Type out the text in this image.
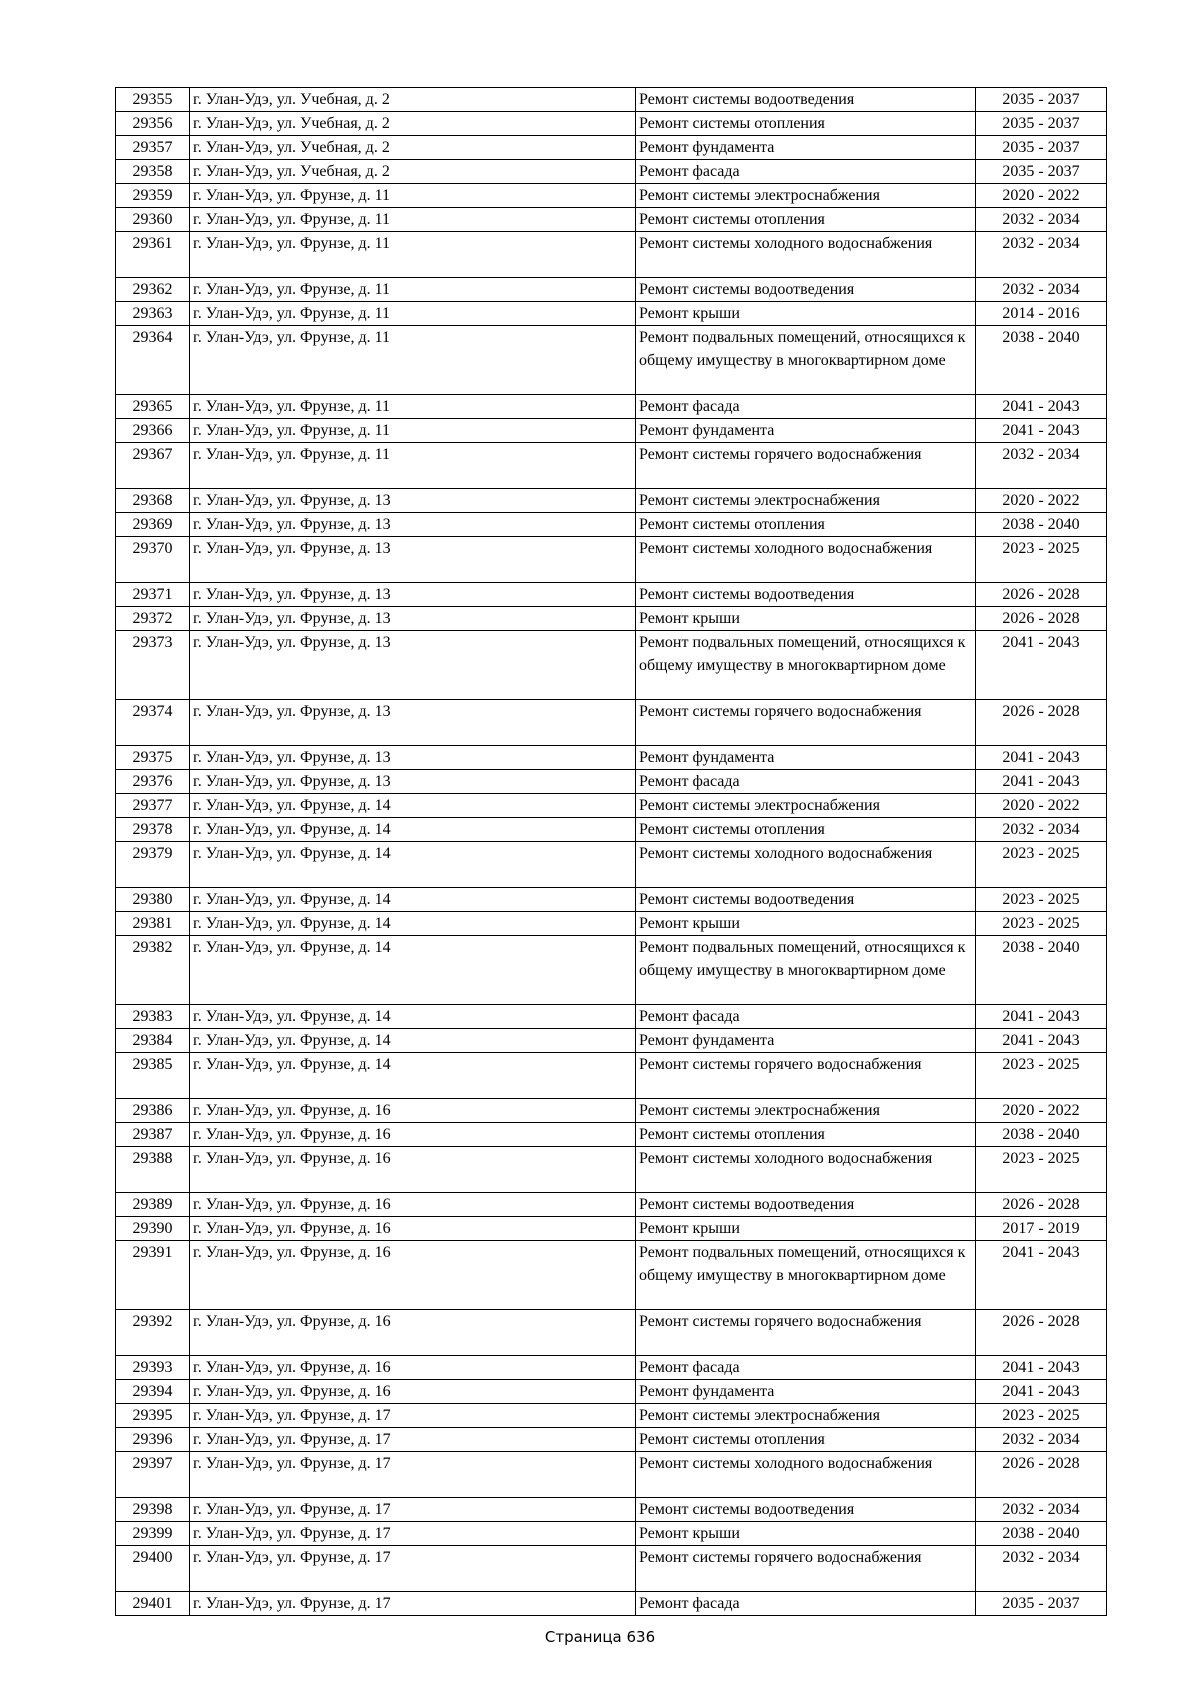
29355	г. Улан-Удэ, ул. Учебная, д. 2	Ремонт системы водоотведения	2035 - 2037
29356	г. Улан-Удэ, ул. Учебная, д. 2	Ремонт системы отопления	2035 - 2037
29357	г. Улан-Удэ, ул. Учебная, д. 2	Ремонт фундамента	2035 - 2037
29358	г. Улан-Удэ, ул. Учебная, д. 2	Ремонт фасада	2035 - 2037
29359	г. Улан-Удэ, ул. Фрунзе, д. 11	Ремонт системы электроснабжения	2020 - 2022
29360	г. Улан-Удэ, ул. Фрунзе, д. 11	Ремонт системы отопления	2032 - 2034
29361	г. Улан-Удэ, ул. Фрунзе, д. 11	Ремонт системы холодного водоснабжения	2032 - 2034
29362	г. Улан-Удэ, ул. Фрунзе, д. 11	Ремонт системы водоотведения	2032 - 2034
29363	г. Улан-Удэ, ул. Фрунзе, д. 11	Ремонт крыши	2014 - 2016
29364	г. Улан-Удэ, ул. Фрунзе, д. 11	Ремонт подвальных помещений, относящихся к общему имуществу в многоквартирном доме	2038 - 2040
29365	г. Улан-Удэ, ул. Фрунзе, д. 11	Ремонт фасада	2041 - 2043
29366	г. Улан-Удэ, ул. Фрунзе, д. 11	Ремонт фундамента	2041 - 2043
29367	г. Улан-Удэ, ул. Фрунзе, д. 11	Ремонт системы горячего водоснабжения	2032 - 2034
29368	г. Улан-Удэ, ул. Фрунзе, д. 13	Ремонт системы электроснабжения	2020 - 2022
29369	г. Улан-Удэ, ул. Фрунзе, д. 13	Ремонт системы отопления	2038 - 2040
29370	г. Улан-Удэ, ул. Фрунзе, д. 13	Ремонт системы холодного водоснабжения	2023 - 2025
29371	г. Улан-Удэ, ул. Фрунзе, д. 13	Ремонт системы водоотведения	2026 - 2028
29372	г. Улан-Удэ, ул. Фрунзе, д. 13	Ремонт крыши	2026 - 2028
29373	г. Улан-Удэ, ул. Фрунзе, д. 13	Ремонт подвальных помещений, относящихся к общему имуществу в многоквартирном доме	2041 - 2043
29374	г. Улан-Удэ, ул. Фрунзе, д. 13	Ремонт системы горячего водоснабжения	2026 - 2028
29375	г. Улан-Удэ, ул. Фрунзе, д. 13	Ремонт фундамента	2041 - 2043
29376	г. Улан-Удэ, ул. Фрунзе, д. 13	Ремонт фасада	2041 - 2043
29377	г. Улан-Удэ, ул. Фрунзе, д. 14	Ремонт системы электроснабжения	2020 - 2022
29378	г. Улан-Удэ, ул. Фрунзе, д. 14	Ремонт системы отопления	2032 - 2034
29379	г. Улан-Удэ, ул. Фрунзе, д. 14	Ремонт системы холодного водоснабжения	2023 - 2025
29380	г. Улан-Удэ, ул. Фрунзе, д. 14	Ремонт системы водоотведения	2023 - 2025
29381	г. Улан-Удэ, ул. Фрунзе, д. 14	Ремонт крыши	2023 - 2025
29382	г. Улан-Удэ, ул. Фрунзе, д. 14	Ремонт подвальных помещений, относящихся к общему имуществу в многоквартирном доме	2038 - 2040
29383	г. Улан-Удэ, ул. Фрунзе, д. 14	Ремонт фасада	2041 - 2043
29384	г. Улан-Удэ, ул. Фрунзе, д. 14	Ремонт фундамента	2041 - 2043
29385	г. Улан-Удэ, ул. Фрунзе, д. 14	Ремонт системы горячего водоснабжения	2023 - 2025
29386	г. Улан-Удэ, ул. Фрунзе, д. 16	Ремонт системы электроснабжения	2020 - 2022
29387	г. Улан-Удэ, ул. Фрунзе, д. 16	Ремонт системы отопления	2038 - 2040
29388	г. Улан-Удэ, ул. Фрунзе, д. 16	Ремонт системы холодного водоснабжения	2023 - 2025
29389	г. Улан-Удэ, ул. Фрунзе, д. 16	Ремонт системы водоотведения	2026 - 2028
29390	г. Улан-Удэ, ул. Фрунзе, д. 16	Ремонт крыши	2017 - 2019
29391	г. Улан-Удэ, ул. Фрунзе, д. 16	Ремонт подвальных помещений, относящихся к общему имуществу в многоквартирном доме	2041 - 2043
29392	г. Улан-Удэ, ул. Фрунзе, д. 16	Ремонт системы горячего водоснабжения	2026 - 2028
29393	г. Улан-Удэ, ул. Фрунзе, д. 16	Ремонт фасада	2041 - 2043
29394	г. Улан-Удэ, ул. Фрунзе, д. 16	Ремонт фундамента	2041 - 2043
29395	г. Улан-Удэ, ул. Фрунзе, д. 17	Ремонт системы электроснабжения	2023 - 2025
29396	г. Улан-Удэ, ул. Фрунзе, д. 17	Ремонт системы отопления	2032 - 2034
29397	г. Улан-Удэ, ул. Фрунзе, д. 17	Ремонт системы холодного водоснабжения	2026 - 2028
29398	г. Улан-Удэ, ул. Фрунзе, д. 17	Ремонт системы водоотведения	2032 - 2034
29399	г. Улан-Удэ, ул. Фрунзе, д. 17	Ремонт крыши	2038 - 2040
29400	г. Улан-Удэ, ул. Фрунзе, д. 17	Ремонт системы горячего водоснабжения	2032 - 2034
29401	г. Улан-Удэ, ул. Фрунзе, д. 17	Ремонт фасада	2035 - 2037
Страница 636
